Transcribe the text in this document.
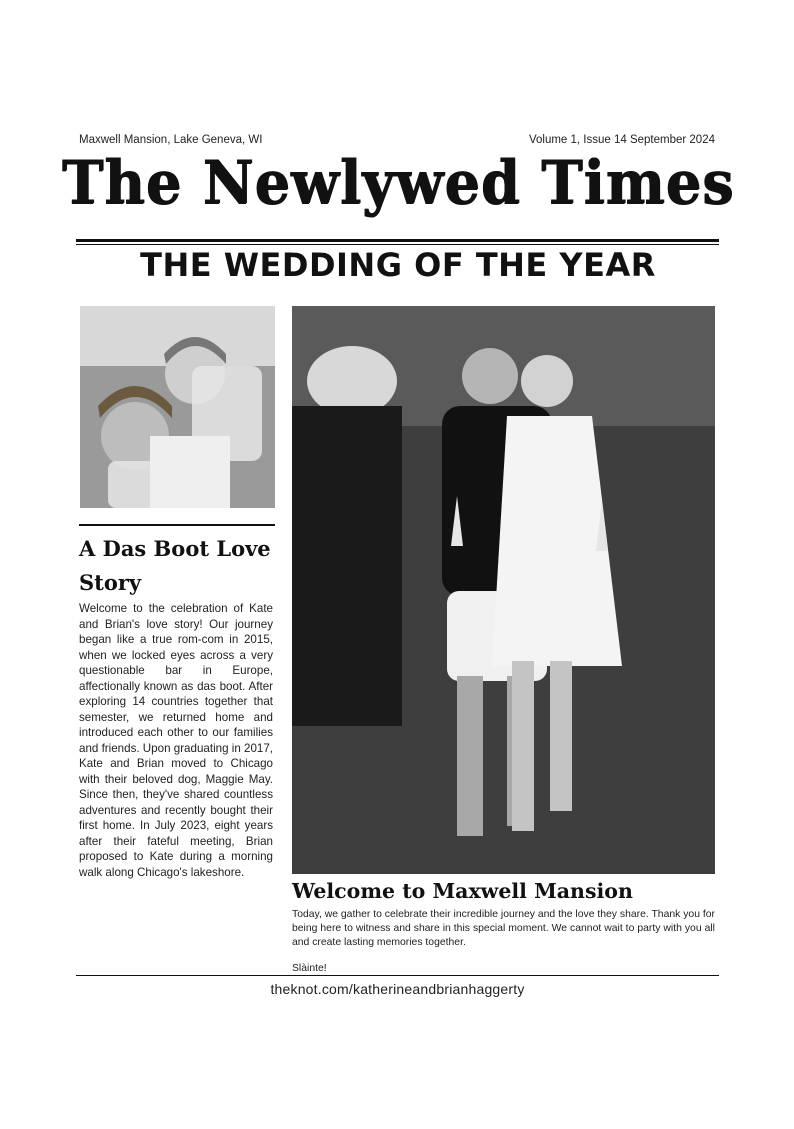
Maxwell Mansion, Lake Geneva, WI	Volume 1, Issue 14 September 2024
The Newlywed Times
THE WEDDING OF THE YEAR
A Das Boot Love Story
Welcome to the celebration of Kate and Brian's love story! Our journey began like a true rom-com in 2015, when we locked eyes across a very questionable bar in Europe, affectionally known as das boot. After exploring 14 countries together that semester, we returned home and introduced each other to our families and friends. Upon graduating in 2017, Kate and Brian moved to Chicago with their beloved dog, Maggie May. Since then, they've shared countless adventures and recently bought their first home. In July 2023, eight years after their fateful meeting, Brian proposed to Kate during a morning walk along Chicago's lakeshore.
Welcome to Maxwell Mansion
Today, we gather to celebrate their incredible journey and the love they share. Thank you for being here to witness and share in this special moment. We cannot wait to party with you all and create lasting memories together.
Slàinte!
theknot.com/katherineandbrianhaggerty
